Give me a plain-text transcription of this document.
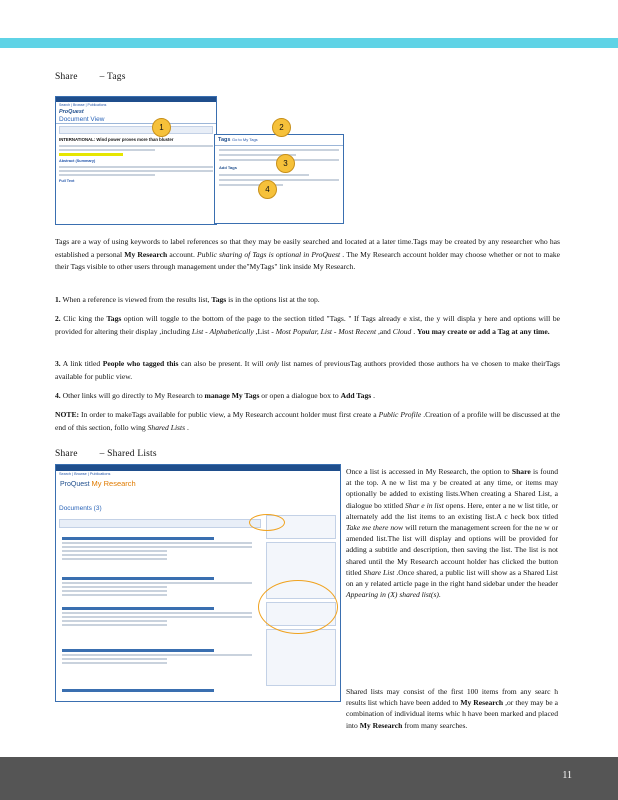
Share – Tags
Search | Browse | Publications
ProQuest
Document View
INTERNATIONAL: Wind power proves more than bluster
Abstract (Summary)
Full Text
Tags Go to My Tags
Add Tags
1	2
3
4
Tags are a way of using keywords to label references so that they may be easily searched and located at a later time.Tags may be created by any researcher who has established a personal My Research account. Public sharing of Tags is optional in ProQuest . The My Research account holder may choose whether or not to make their Tags visible to other users through management under the"MyTags" link inside My Research.
1. When a reference is viewed from the results list, Tags is in the options list at the top.
2. Clic king the Tags option will toggle to the bottom of the page to the section titled "Tags. " If Tags already e xist, the y will displa y here and options will be provided for altering their display ,including List - Alphabetically ,List - Most Popular, List - Most Recent ,and Cloud . You may create or add a Tag at any time.
3. A link titled People who tagged this can also be present. It will only list names of previousTag authors provided those authors ha ve chosen to make theirTags available for public view.
4. Other links will go directly to My Research to manage My Tags or open a dialogue box to Add Tags .
NOTE: In order to makeTags available for public view, a My Research account holder must first create a Public Profile .Creation of a profile will be discussed at the end of this section, follo wing Shared Lists .
Share – Shared Lists
Search | Browse | Publications
ProQuest My Research
Documents (3)
Once a list is accessed in My Research, the option to Share is found at the top. A ne w list ma y be created at any time, or items may optionally be added to existing lists.When creating a Shared List, a dialogue bo xtitled Shar e in list opens. Here, enter a ne w list title, or alternately add the list items to an existing list.A c heck box titled Take me there now will return the management screen for the ne w or amended list.The list will display and options will be provided for adding a subtitle and description, then saving the list. The list is not shared until the My Research account holder has clicked the button titled Share List .Once shared, a public list will show as a Shared List on an y related article page in the right hand sidebar under the header Appearing in (X) shared list(s).
Shared lists may consist of the first 100 items from any searc h results list which have been added to My Research ,or they may be a combination of individual items whic h have been marked and placed into My Research from many searches.
11
